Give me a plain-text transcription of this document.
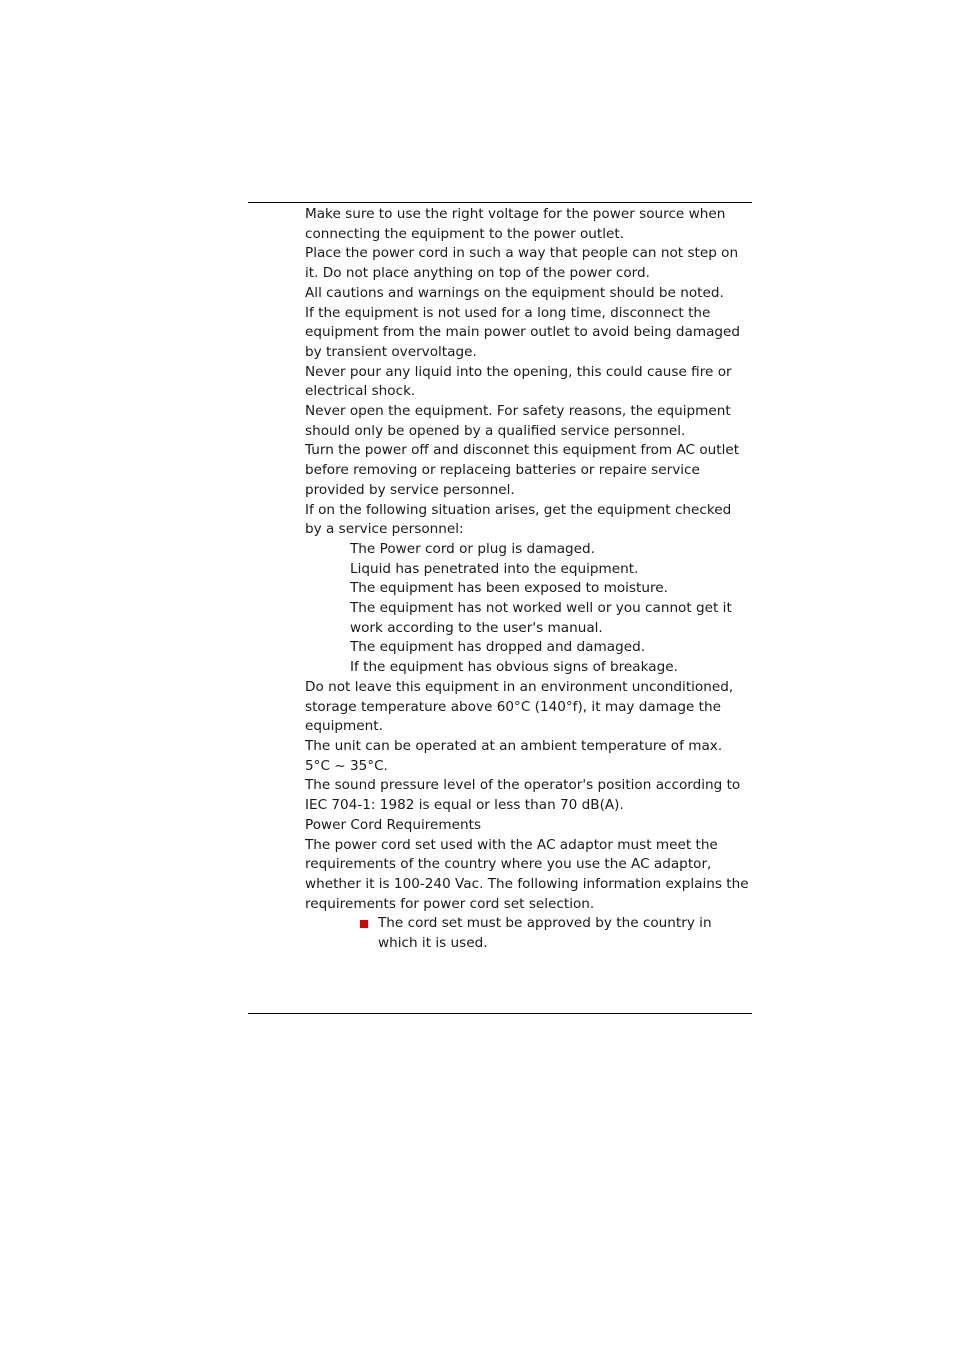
Make sure to use the right voltage for the power source when connecting the equipment to the power outlet.

Place the power cord in such a way that people can not step on it. Do not place anything on top of the power cord.

All cautions and warnings on the equipment should be noted.

If the equipment is not used for a long time, disconnect the equipment from the main power outlet to avoid being damaged by transient overvoltage.

Never pour any liquid into the opening, this could cause fire or electrical shock.

Never open the equipment. For safety reasons, the equipment should only be opened by a qualified service personnel.

Turn the power off and disconnet this equipment from AC outlet before removing or replaceing batteries or repaire service provided by service personnel.

If on the following situation arises, get the equipment checked by a service personnel:

The Power cord or plug is damaged.
Liquid has penetrated into the equipment.
The equipment has been exposed to moisture.
The equipment has not worked well or you cannot get it work according to the user's manual.
The equipment has dropped and damaged.
If the equipment has obvious signs of breakage.

Do not leave this equipment in an environment unconditioned, storage temperature above 60°C (140°f), it may damage the equipment.

The unit can be operated at an ambient temperature of max. 5°C ~ 35°C.

The sound pressure level of the operator's position according to IEC 704-1: 1982 is equal or less than 70 dB(A).

Power Cord Requirements

The power cord set used with the AC adaptor must meet the requirements of the country where you use the AC adaptor, whether it is 100-240 Vac. The following information explains the requirements for power cord set selection.

The cord set must be approved by the country in which it is used.
